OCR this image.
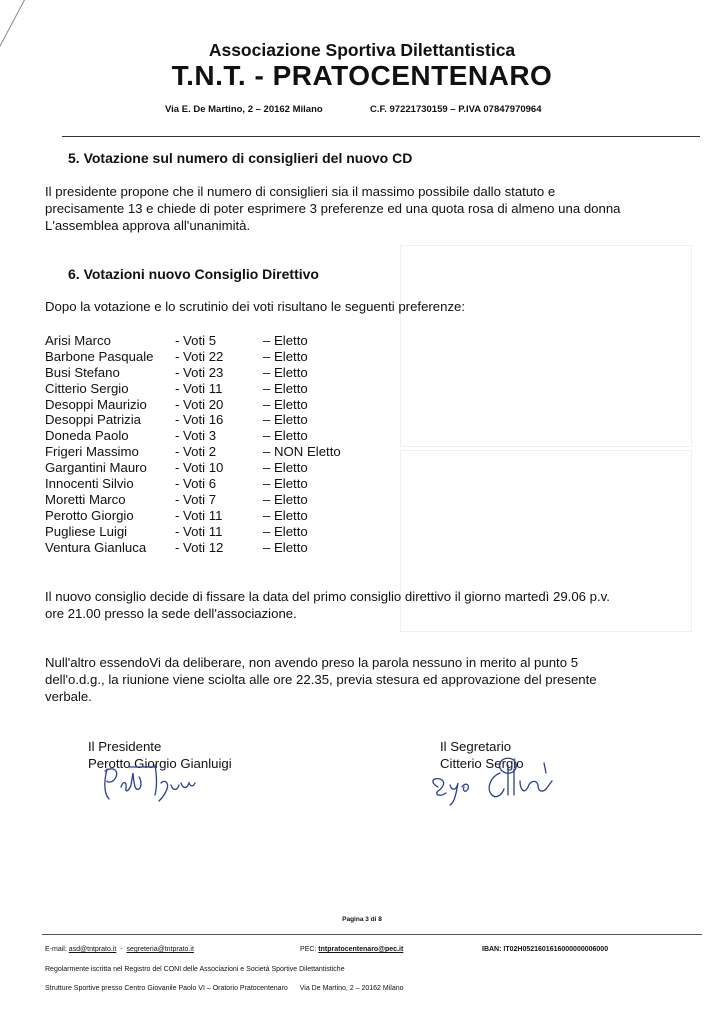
Associazione Sportiva Dilettantistica
T.N.T. - PRATOCENTENARO
Via E. De Martino, 2 – 20162 Milano	C.F. 97221730159 – P.IVA 07847970964
5. Votazione sul numero di consiglieri del nuovo CD
Il presidente propone che il numero di consiglieri sia il massimo possibile dallo statuto e
precisamente 13 e chiede di poter esprimere 3 preferenze ed una quota rosa di almeno una donna
L'assemblea approva all'unanimità.
6. Votazioni nuovo Consiglio Direttivo
Dopo la votazione e lo scrutinio dei voti risultano le seguenti preferenze:
Arisi Marco	- Voti 5	– Eletto
Barbone Pasquale - Voti 22	– Eletto
Busi Stefano	- Voti 23	– Eletto
Citterio Sergio	- Voti 11	– Eletto
Desoppi Maurizio - Voti 20	– Eletto
Desoppi Patrizia	- Voti 16	– Eletto
Doneda Paolo	- Voti 3	– Eletto
Frigeri Massimo	- Voti 2	– NON Eletto
Gargantini Mauro - Voti 10	– Eletto
Innocenti Silvio	- Voti 6	– Eletto
Moretti Marco	- Voti 7	– Eletto
Perotto Giorgio	- Voti 11	– Eletto
Pugliese Luigi	- Voti 11	– Eletto
Ventura Gianluca - Voti 12	– Eletto
Il nuovo consiglio decide di fissare la data del primo consiglio direttivo il giorno martedì 29.06 p.v.
ore 21.00 presso la sede dell'associazione.
Null'altro essendoVi da deliberare, non avendo preso la parola nessuno in merito al punto 5
dell'o.d.g., la riunione viene sciolta alle ore 22.35, previa stesura ed approvazione del presente
verbale.
Il Presidente
Perotto Giorgio Gianluigi
Il Segretario
Citterio Sergio
Pagina 3 di 8
E-mail: asd@tntprato.it - segreteria@tntprato.it	PEC: tntpratocentenaro@pec.it	IBAN: IT02H0521601616000000006000
Regolarmente iscritta nel Registro del CONI delle Associazioni e Società Sportive Dilettantistiche
Strutture Sportive presso Centro Giovanile Paolo VI – Oratorio Pratocentenaro Via De Martino, 2 – 20162 Milano
